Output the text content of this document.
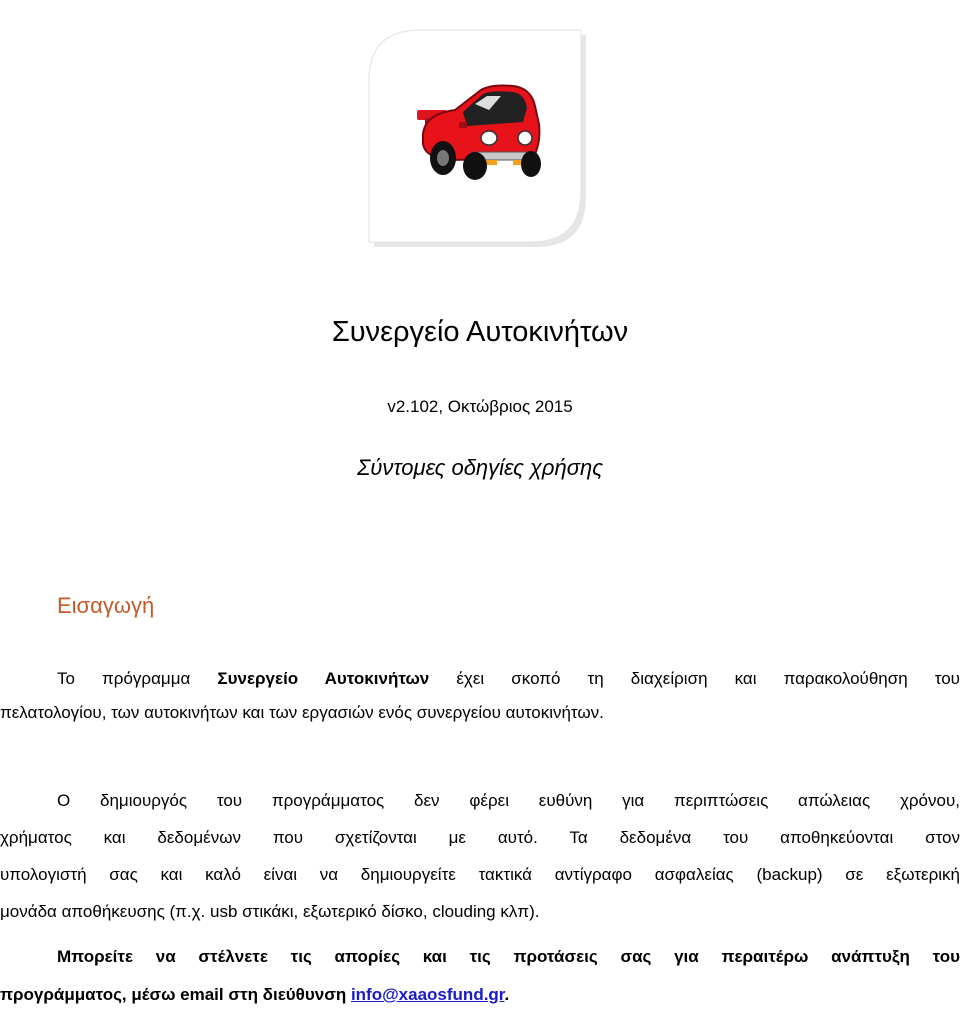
Συνεργείο Αυτοκινήτων
v2.102, Οκτώβριος 2015
Σύντομες οδηγίες χρήσης
Εισαγωγή
Το πρόγραμμα Συνεργείο Αυτοκινήτων έχει σκοπό τη διαχείριση και παρακολούθηση του
πελατολογίου, των αυτοκινήτων και των εργασιών ενός συνεργείου αυτοκινήτων.
Ο δημιουργός του προγράμματος δεν φέρει ευθύνη για περιπτώσεις απώλειας χρόνου,
χρήματος και δεδομένων που σχετίζονται με αυτό. Τα δεδομένα του αποθηκεύονται στον
υπολογιστή σας και καλό είναι να δημιουργείτε τακτικά αντίγραφο ασφαλείας (backup) σε εξωτερική
μονάδα αποθήκευσης (π.χ. usb στικάκι, εξωτερικό δίσκο, clouding κλπ).
Μπορείτε να στέλνετε τις απορίες και τις προτάσεις σας για περαιτέρω ανάπτυξη του
προγράμματος, μέσω email στη διεύθυνση info@xaaosfund.gr.
